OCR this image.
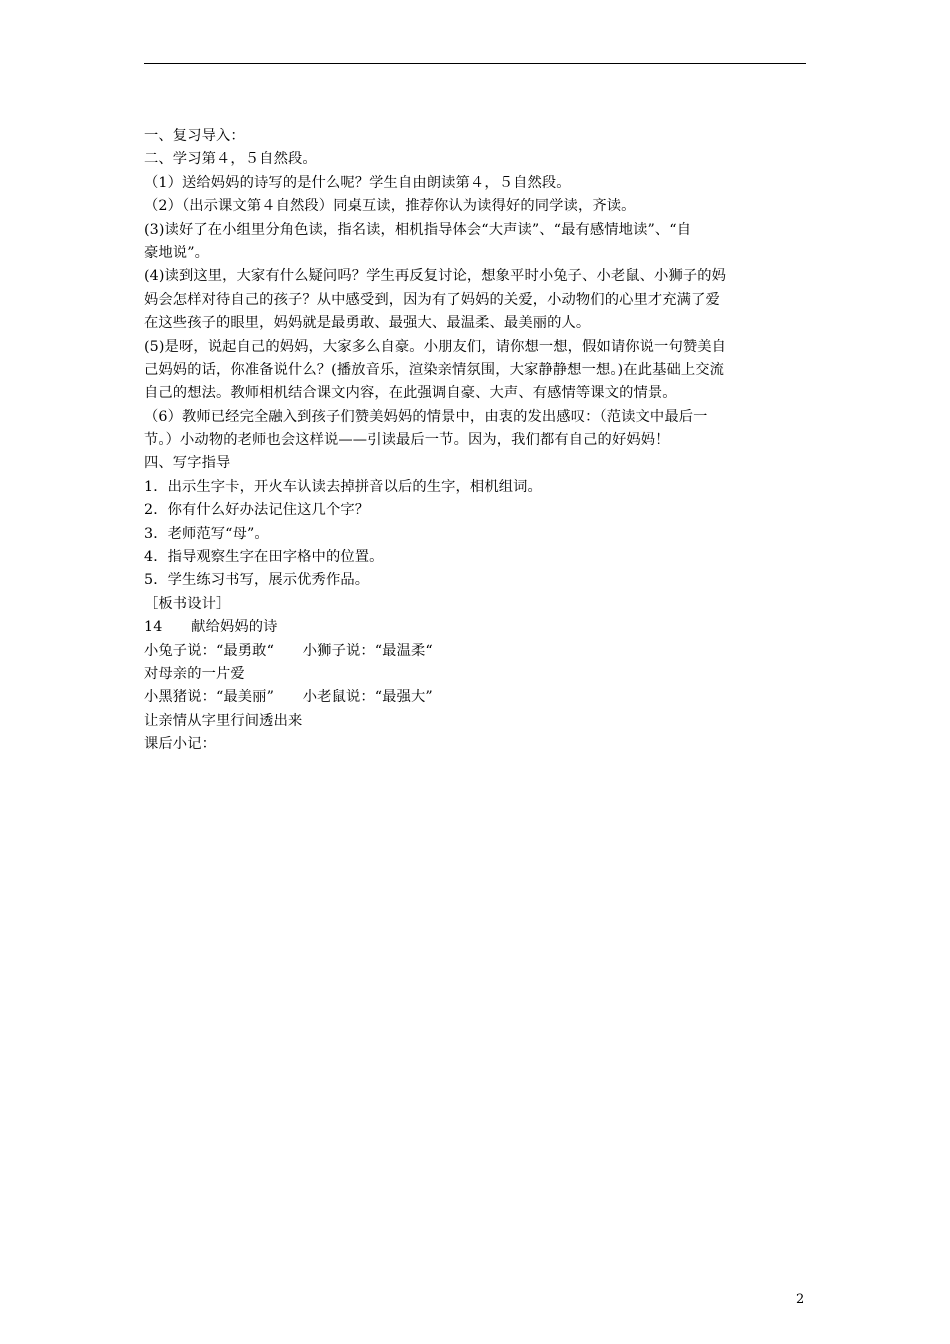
一、复习导入：
二、学习第４，５自然段。
（1）送给妈妈的诗写的是什么呢？学生自由朗读第４，５自然段。
（2）（出示课文第４自然段）同桌互读，推荐你认为读得好的同学读，齐读。
(3)读好了在小组里分角色读，指名读，相机指导体会“大声读”、“最有感情地读”、“自
豪地说”。
(4)读到这里，大家有什么疑问吗？学生再反复讨论，想象平时小兔子、小老鼠、小狮子的妈
妈会怎样对待自己的孩子？从中感受到，因为有了妈妈的关爱，小动物们的心里才充满了爱
在这些孩子的眼里，妈妈就是最勇敢、最强大、最温柔、最美丽的人。
(5)是呀，说起自己的妈妈，大家多么自豪。小朋友们，请你想一想，假如请你说一句赞美自
己妈妈的话，你准备说什么？(播放音乐，渲染亲情氛围，大家静静想一想。)在此基础上交流
自己的想法。教师相机结合课文内容，在此强调自豪、大声、有感情等课文的情景。
（6）教师已经完全融入到孩子们赞美妈妈的情景中，由衷的发出感叹：（范读文中最后一
节。）小动物的老师也会这样说——引读最后一节。因为，我们都有自己的好妈妈！
四、写字指导
1．出示生字卡，开火车认读去掉拼音以后的生字，相机组词。
2．你有什么好办法记住这几个字？
3．老师范写“母”。
4．指导观察生字在田字格中的位置。
5．学生练习书写，展示优秀作品。
［板书设计］
14　　献给妈妈的诗
小兔子说：“最勇敢“　　小狮子说：“最温柔“
对母亲的一片爱
小黑猪说：“最美丽”　　小老鼠说：“最强大”
让亲情从字里行间透出来
课后小记：
2
